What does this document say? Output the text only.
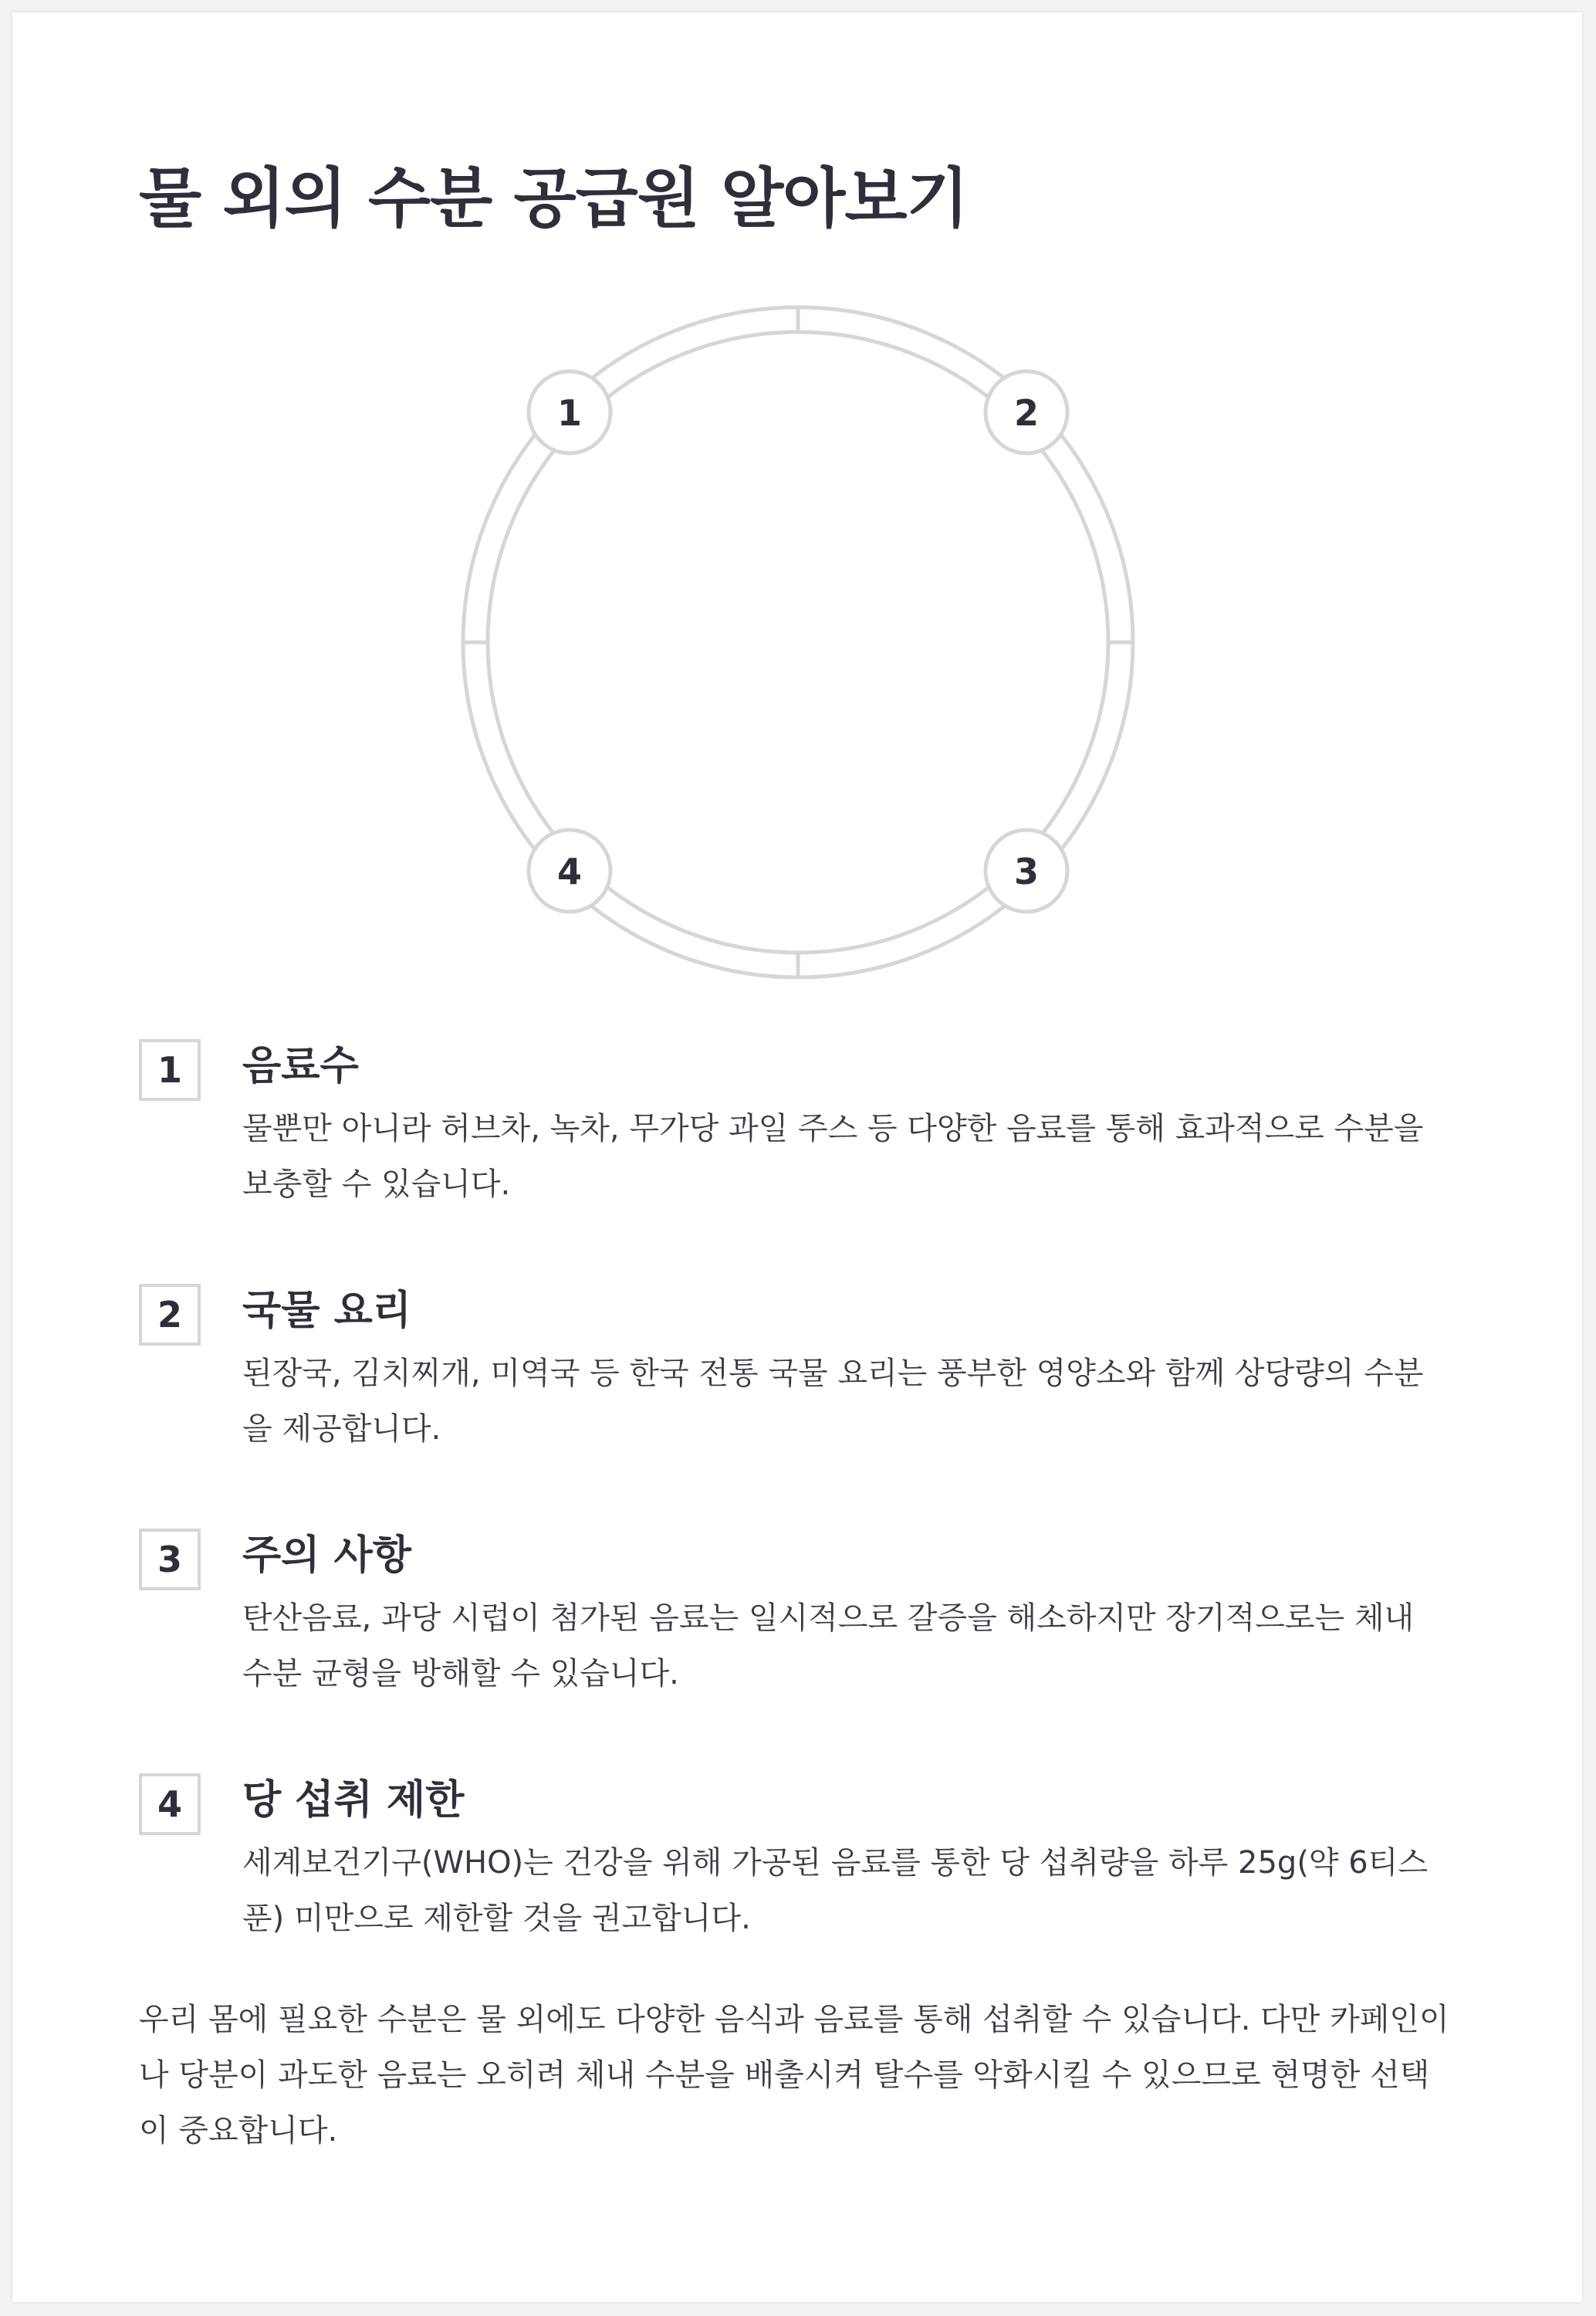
물 외의 수분 공급원 알아보기
1	2
3
4
1	음료수

물뿐만 아니라 허브차, 녹차, 무가당 과일 주스 등 다양한 음료를 통해 효과적으로 수분을 보충할 수 있습니다.

2	국물 요리

된장국, 김치찌개, 미역국 등 한국 전통 국물 요리는 풍부한 영양소와 함께 상당량의 수분을 제공합니다.

3	주의 사항

탄산음료, 과당 시럽이 첨가된 음료는 일시적으로 갈증을 해소하지만 장기적으로는 체내 수분 균형을 방해할 수 있습니다.

4	당 섭취 제한

세계보건기구(WHO)는 건강을 위해 가공된 음료를 통한 당 섭취량을 하루 25g(약 6티스푼) 미만으로 제한할 것을 권고합니다.

우리 몸에 필요한 수분은 물 외에도 다양한 음식과 음료를 통해 섭취할 수 있습니다. 다만 카페인이나 당분이 과도한 음료는 오히려 체내 수분을 배출시켜 탈수를 악화시킬 수 있으므로 현명한 선택이 중요합니다.
